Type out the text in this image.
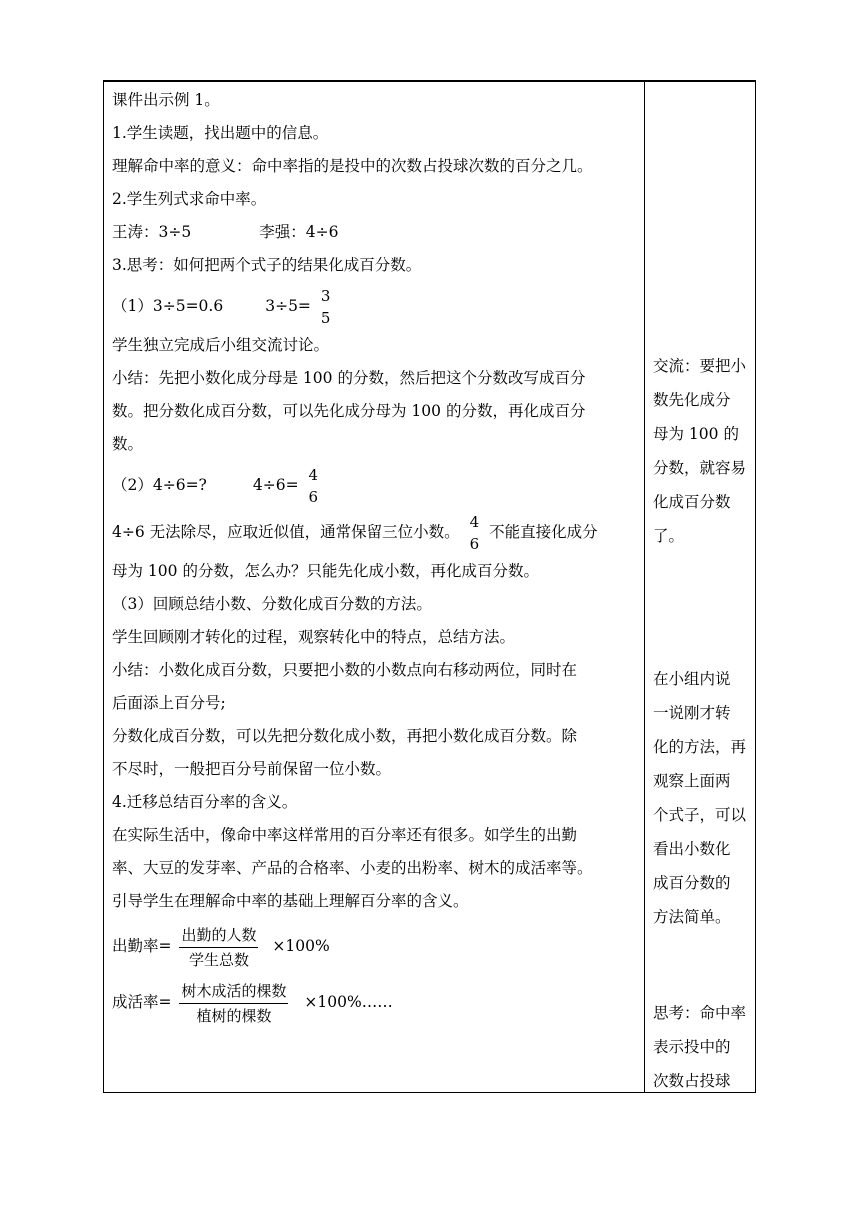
课件出示例 1。
1.学生读题，找出题中的信息。
理解命中率的意义：命中率指的是投中的次数占投球次数的百分之几。
2.学生列式求命中率。
王涛：3÷5	李强：4÷6
3.思考：如何把两个式子的结果化成百分数。
（1）3÷5=0.6	3÷5=
3
5
学生独立完成后小组交流讨论。
小结：先把小数化成分母是 100 的分数，然后把这个分数改写成百分
数。把分数化成百分数，可以先化成分母为 100 的分数，再化成百分
数。
（2）4÷6=?	4÷6=
4
6
4÷6 无法除尽，应取近似值，通常保留三位小数。
4
6
不能直接化成分
母为 100 的分数，怎么办？只能先化成小数，再化成百分数。
（3）回顾总结小数、分数化成百分数的方法。
学生回顾刚才转化的过程，观察转化中的特点，总结方法。
小结：小数化成百分数，只要把小数的小数点向右移动两位，同时在
后面添上百分号;
分数化成百分数，可以先把分数化成小数，再把小数化成百分数。除
不尽时，一般把百分号前保留一位小数。
4.迁移总结百分率的含义。
在实际生活中，像命中率这样常用的百分率还有很多。如学生的出勤
率、大豆的发芽率、产品的合格率、小麦的出粉率、树木的成活率等。
引导学生在理解命中率的基础上理解百分率的含义。
出勤率= $\frac{\text{出勤的人数}}{\text{学生总数}} \times 100\%$
成活率= $\frac{\text{树木成活的棵数}}{\text{植树的棵数}}$ ×100%……
交流：要把小
数先化成分
母为 100 的
分数，就容易
化成百分数
了。
在小组内说
一说刚才转
化的方法，再
观察上面两
个式子，可以
看出小数化
成百分数的
方法简单。
思考：命中率
表示投中的
次数占投球
